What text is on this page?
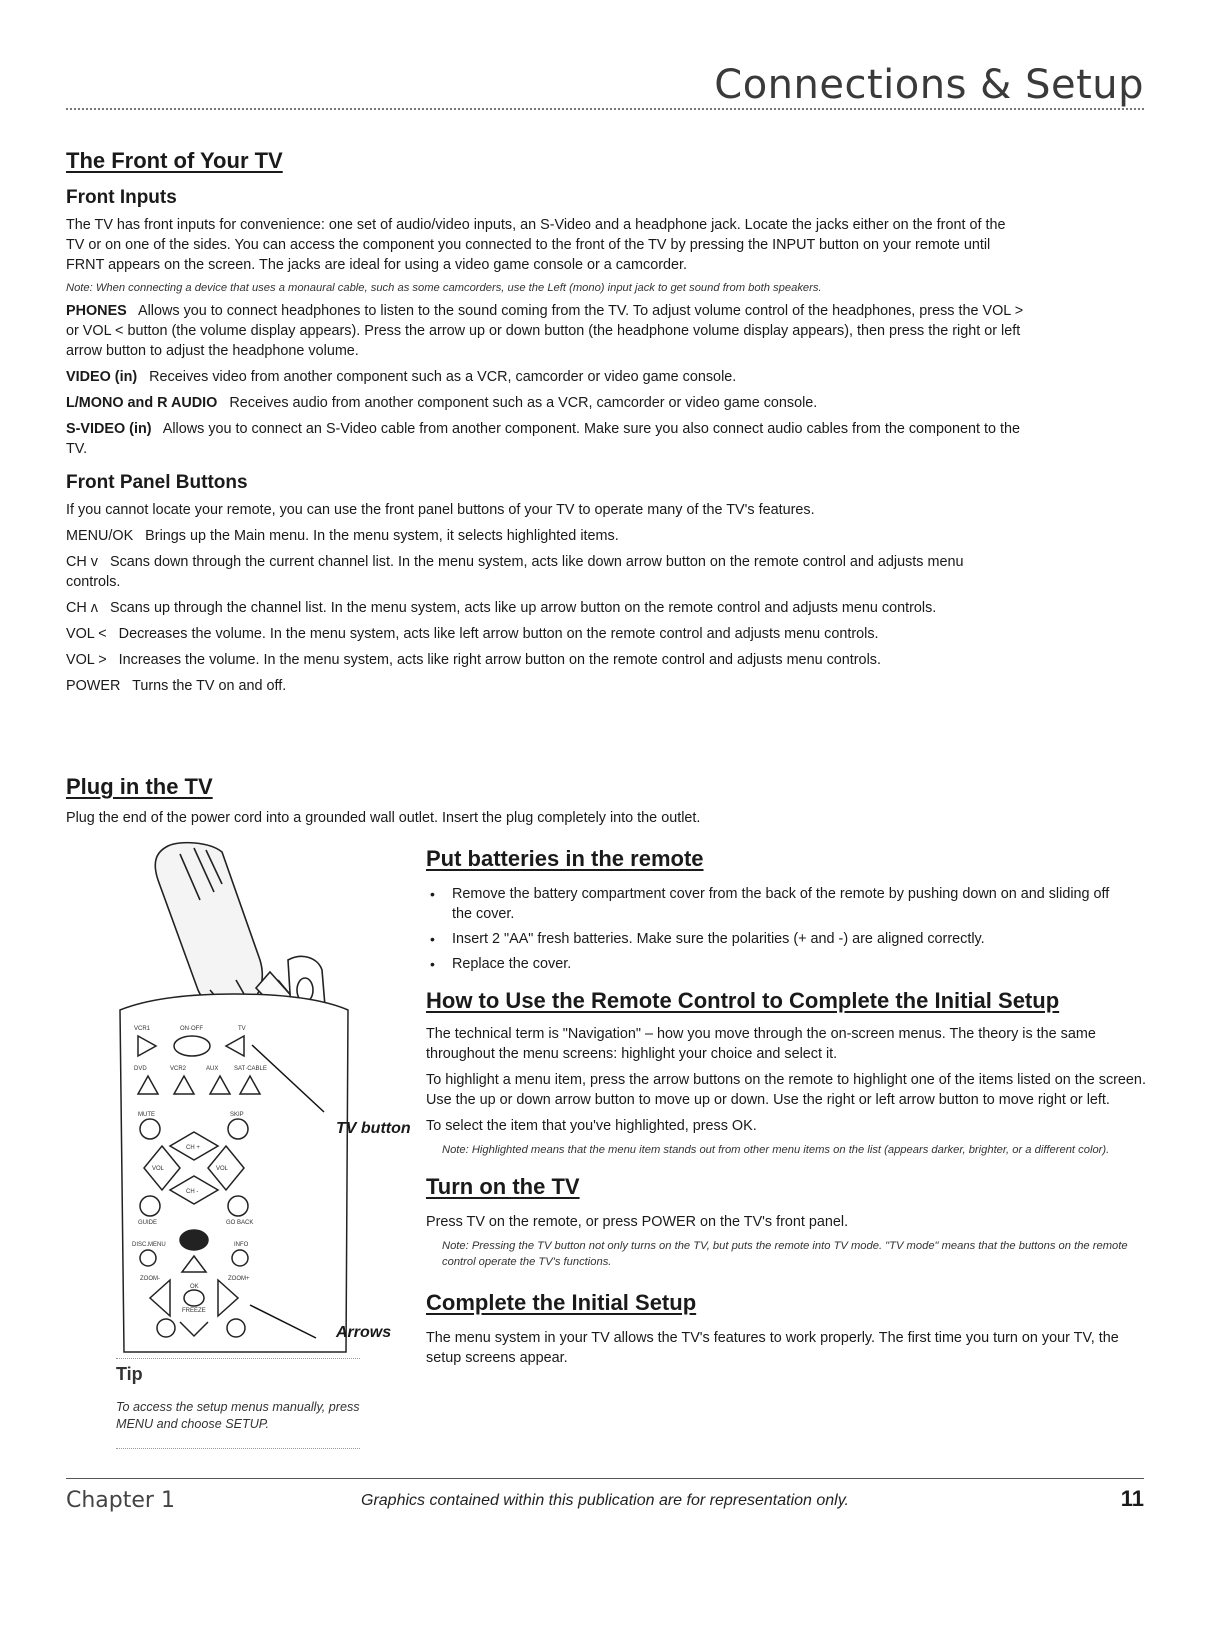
Connections & Setup
The Front of Your TV
Front Inputs

The TV has front inputs for convenience: one set of audio/video inputs, an S-Video and a headphone jack. Locate the jacks either on the front of the TV or on one of the sides. You can access the component you connected to the front of the TV by pressing the INPUT button on your remote until FRNT appears on the screen. The jacks are ideal for using a video game console or a camcorder.

Note: When connecting a device that uses a monaural cable, such as some camcorders, use the Left (mono) input jack to get sound from both speakers.

PHONES Allows you to connect headphones to listen to the sound coming from the TV. To adjust volume control of the headphones, press the VOL > or VOL < button (the volume display appears). Press the arrow up or down button (the headphone volume display appears), then press the right or left arrow button to adjust the headphone volume.

VIDEO (in) Receives video from another component such as a VCR, camcorder or video game console.

L/MONO and R AUDIO Receives audio from another component such as a VCR, camcorder or video game console.

S-VIDEO (in) Allows you to connect an S-Video cable from another component. Make sure you also connect audio cables from the component to the TV.

Front Panel Buttons

If you cannot locate your remote, you can use the front panel buttons of your TV to operate many of the TV's features.

MENU/OK Brings up the Main menu. In the menu system, it selects highlighted items.

CH v Scans down through the current channel list. In the menu system, acts like down arrow button on the remote control and adjusts menu controls.

CH ʌ Scans up through the channel list. In the menu system, acts like up arrow button on the remote control and adjusts menu controls.

VOL < Decreases the volume. In the menu system, acts like left arrow button on the remote control and adjusts menu controls.

VOL > Increases the volume. In the menu system, acts like right arrow button on the remote control and adjusts menu controls.

POWER Turns the TV on and off.

Plug in the TV

Plug the end of the power cord into a grounded wall outlet. Insert the plug completely into the outlet.

VCR1	ON·OFF	TV
DVD	VCR2	AUX	SAT·CABLE
MUTE	SKIP
CH +
CH -
VOL	VOL
GUIDE	GO BACK
DISC.MENU	INFO
OK
FREEZE
ZOOM-	ZOOM+
TV button
Arrows
Tip

To access the setup menus manually, press MENU and choose SETUP.

Put batteries in the remote
• Remove the battery compartment cover from the back of the remote by pushing down on and sliding off the cover.
• Insert 2 "AA" fresh batteries. Make sure the polarities (+ and -) are aligned correctly.
• Replace the cover.
How to Use the Remote Control to Complete the Initial Setup

The technical term is "Navigation" – how you move through the on-screen menus. The theory is the same throughout the menu screens: highlight your choice and select it.

To highlight a menu item, press the arrow buttons on the remote to highlight one of the items listed on the screen. Use the up or down arrow button to move up or down. Use the right or left arrow button to move right or left.

To select the item that you've highlighted, press OK.

Note: Highlighted means that the menu item stands out from other menu items on the list (appears darker, brighter, or a different color).

Turn on the TV

Press TV on the remote, or press POWER on the TV's front panel.

Note: Pressing the TV button not only turns on the TV, but puts the remote into TV mode. "TV mode" means that the buttons on the remote control operate the TV's functions.

Complete the Initial Setup

The menu system in your TV allows the TV's features to work properly. The first time you turn on your TV, the setup screens appear.

Chapter 1	Graphics contained within this publication are for representation only.	11
